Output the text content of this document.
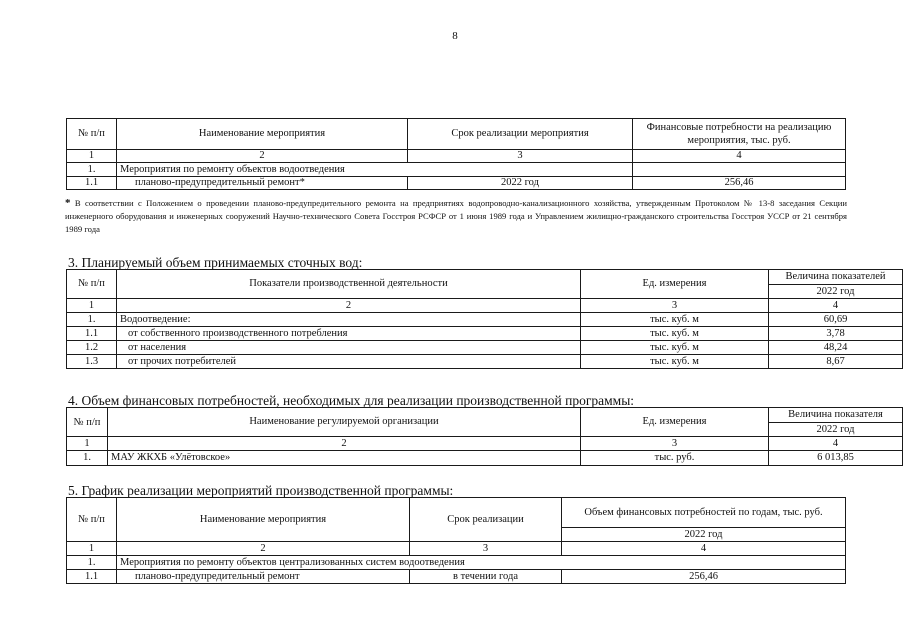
8
№ п/п	Наименование мероприятия	Срок реализации мероприятия	Финансовые потребности на реализацию мероприятия, тыс. руб.
1	2	3	4
1.	Мероприятия по ремонту объектов водоотведения		
1.1	планово-предупредительный ремонт*	2022 год	256,46
* В соответствии с Положением о проведении планово-предупредительного ремонта на предприятиях водопроводно-канализационного хозяйства, утвержденным Протоколом № 13-8 заседания Секции инженерного оборудования и инженерных сооружений Научно-технического Совета Госстроя РСФСР от 1 июня 1989 года и Управлением жилищно-гражданского строительства Госстроя УССР от 21 сентября 1989 года
3. Планируемый объем принимаемых сточных вод:
№ п/п	Показатели производственной деятельности	Ед. измерения	Величина показателей
			2022 год
1	2	3	4
1.	Водоотведение:	тыс. куб. м	60,69
1.1	от собственного производственного потребления	тыс. куб. м	3,78
1.2	от населения	тыс. куб. м	48,24
1.3	от прочих потребителей	тыс. куб. м	8,67
4. Объем финансовых потребностей, необходимых для реализации производственной программы:
№ п/п	Наименование регулируемой организации	Ед. измерения	Величина показателя
			2022 год
1	2	3	4
1.	МАУ ЖКХБ «Улётовское»	тыс. руб.	6 013,85
5. График реализации мероприятий производственной программы:
№ п/п	Наименование мероприятия	Срок реализации	Объем финансовых потребностей по годам, тыс. руб.
			2022 год
1	2	3	4
1.	Мероприятия по ремонту объектов централизованных систем водоотведения		
1.1	планово-предупредительный ремонт	в течении года	256,46
